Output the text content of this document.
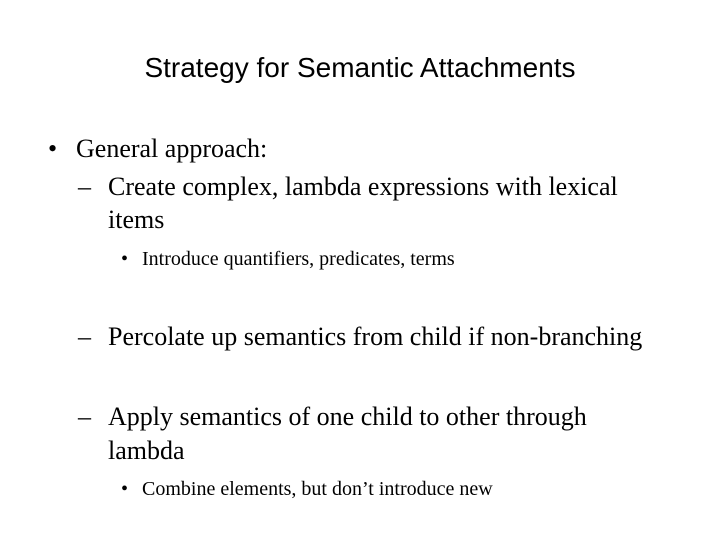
Strategy for Semantic Attachments
• General approach:
– Create complex, lambda expressions with lexical
items
• Introduce quantifiers, predicates, terms
– Percolate up semantics from child if non-branching
– Apply semantics of one child to other through
lambda
• Combine elements, but don’t introduce new
